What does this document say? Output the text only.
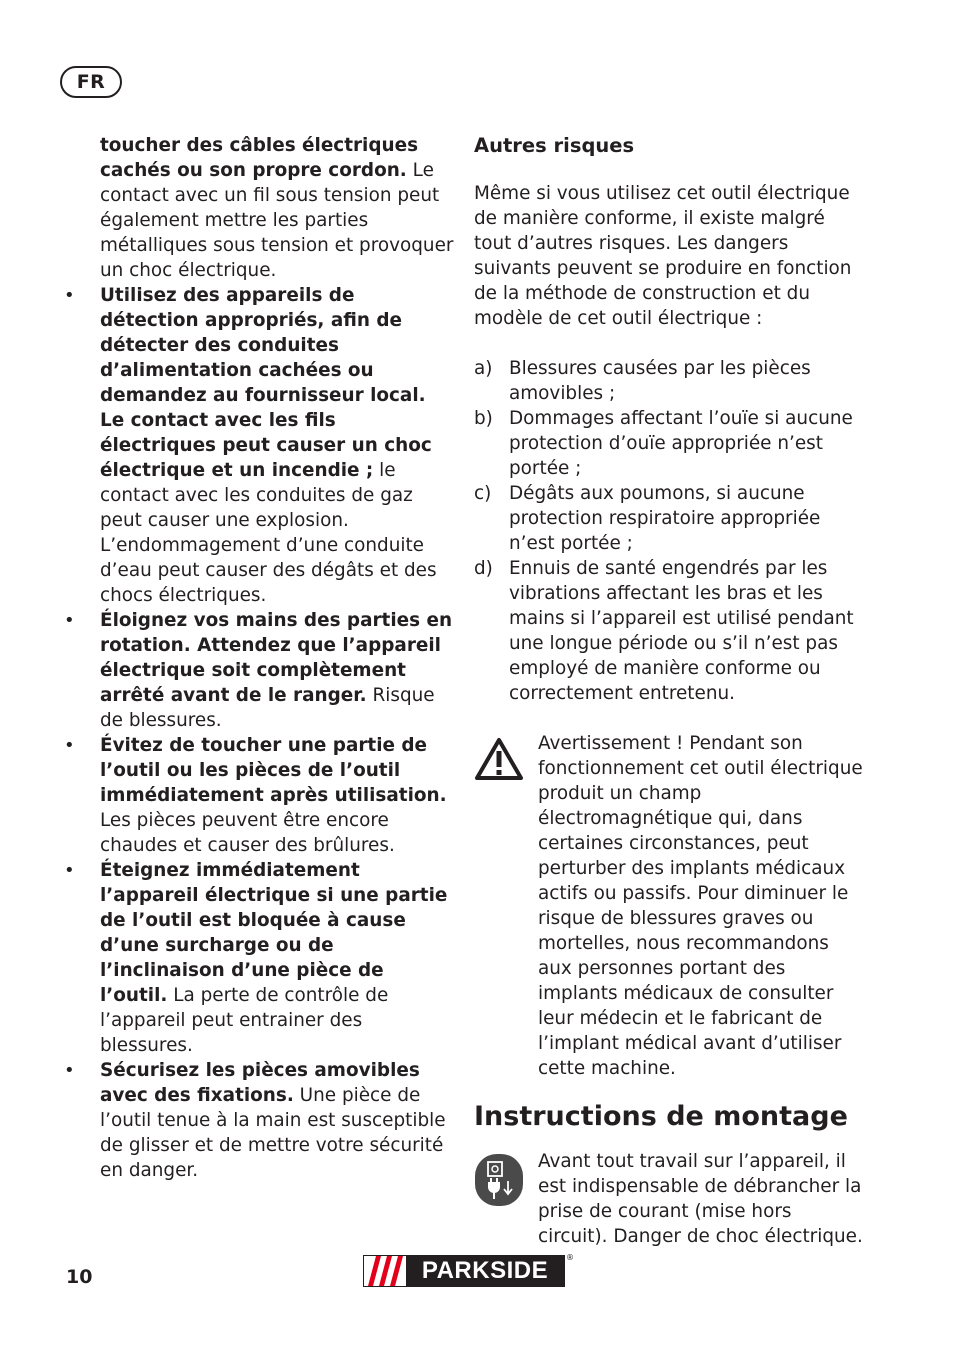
FR
toucher des câbles électriques cachés ou son propre cordon. Le contact avec un fil sous tension peut également mettre les parties métalliques sous tension et provoquer un choc électrique.
• Utilisez des appareils de détection appropriés, afin de détecter des conduites d’alimentation cachées ou demandez au fournisseur local. Le contact avec les fils électriques peut causer un choc électrique et un incendie ; le contact avec les conduites de gaz peut causer une explosion. L’endommagement d’une conduite d’eau peut causer des dégâts et des chocs électriques.
• Éloignez vos mains des parties en rotation. Attendez que l’appareil électrique soit complètement arrêté avant de le ranger. Risque de blessures.
• Évitez de toucher une partie de l’outil ou les pièces de l’outil immédiatement après utilisation. Les pièces peuvent être encore chaudes et causer des brûlures.
• Éteignez immédiatement l’appareil électrique si une partie de l’outil est bloquée à cause d’une surcharge ou de l’inclinaison d’une pièce de l’outil. La perte de contrôle de l’appareil peut entrainer des blessures.
• Sécurisez les pièces amovibles avec des fixations. Une pièce de l’outil tenue à la main est susceptible de glisser et de mettre votre sécurité en danger.
Autres risques

Même si vous utilisez cet outil électrique de manière conforme, il existe malgré tout d’autres risques. Les dangers suivants peuvent se produire en fonction de la méthode de construction et du modèle de cet outil électrique :

a) Blessures causées par les pièces amovibles ;
b) Dommages affectant l’ouïe si aucune protection d’ouïe appropriée n’est portée ;
c) Dégâts aux poumons, si aucune protection respiratoire appropriée n’est portée ;
d) Ennuis de santé engendrés par les vibrations affectant les bras et les mains si l’appareil est utilisé pendant une longue période ou s’il n’est pas employé de manière conforme ou correctement entretenu.

Avertissement ! Pendant son fonctionnement cet outil électrique produit un champ électromagnétique qui, dans certaines circonstances, peut perturber des implants médicaux actifs ou passifs. Pour diminuer le risque de blessures graves ou mortelles, nous recommandons aux personnes portant des implants médicaux de consulter leur médecin et le fabricant de l’implant médical avant d’utiliser cette machine.

Instructions de montage

Avant tout travail sur l’appareil, il est indispensable de débrancher la prise de courant (mise hors circuit). Danger de choc électrique.

10	PARKSIDE	®
